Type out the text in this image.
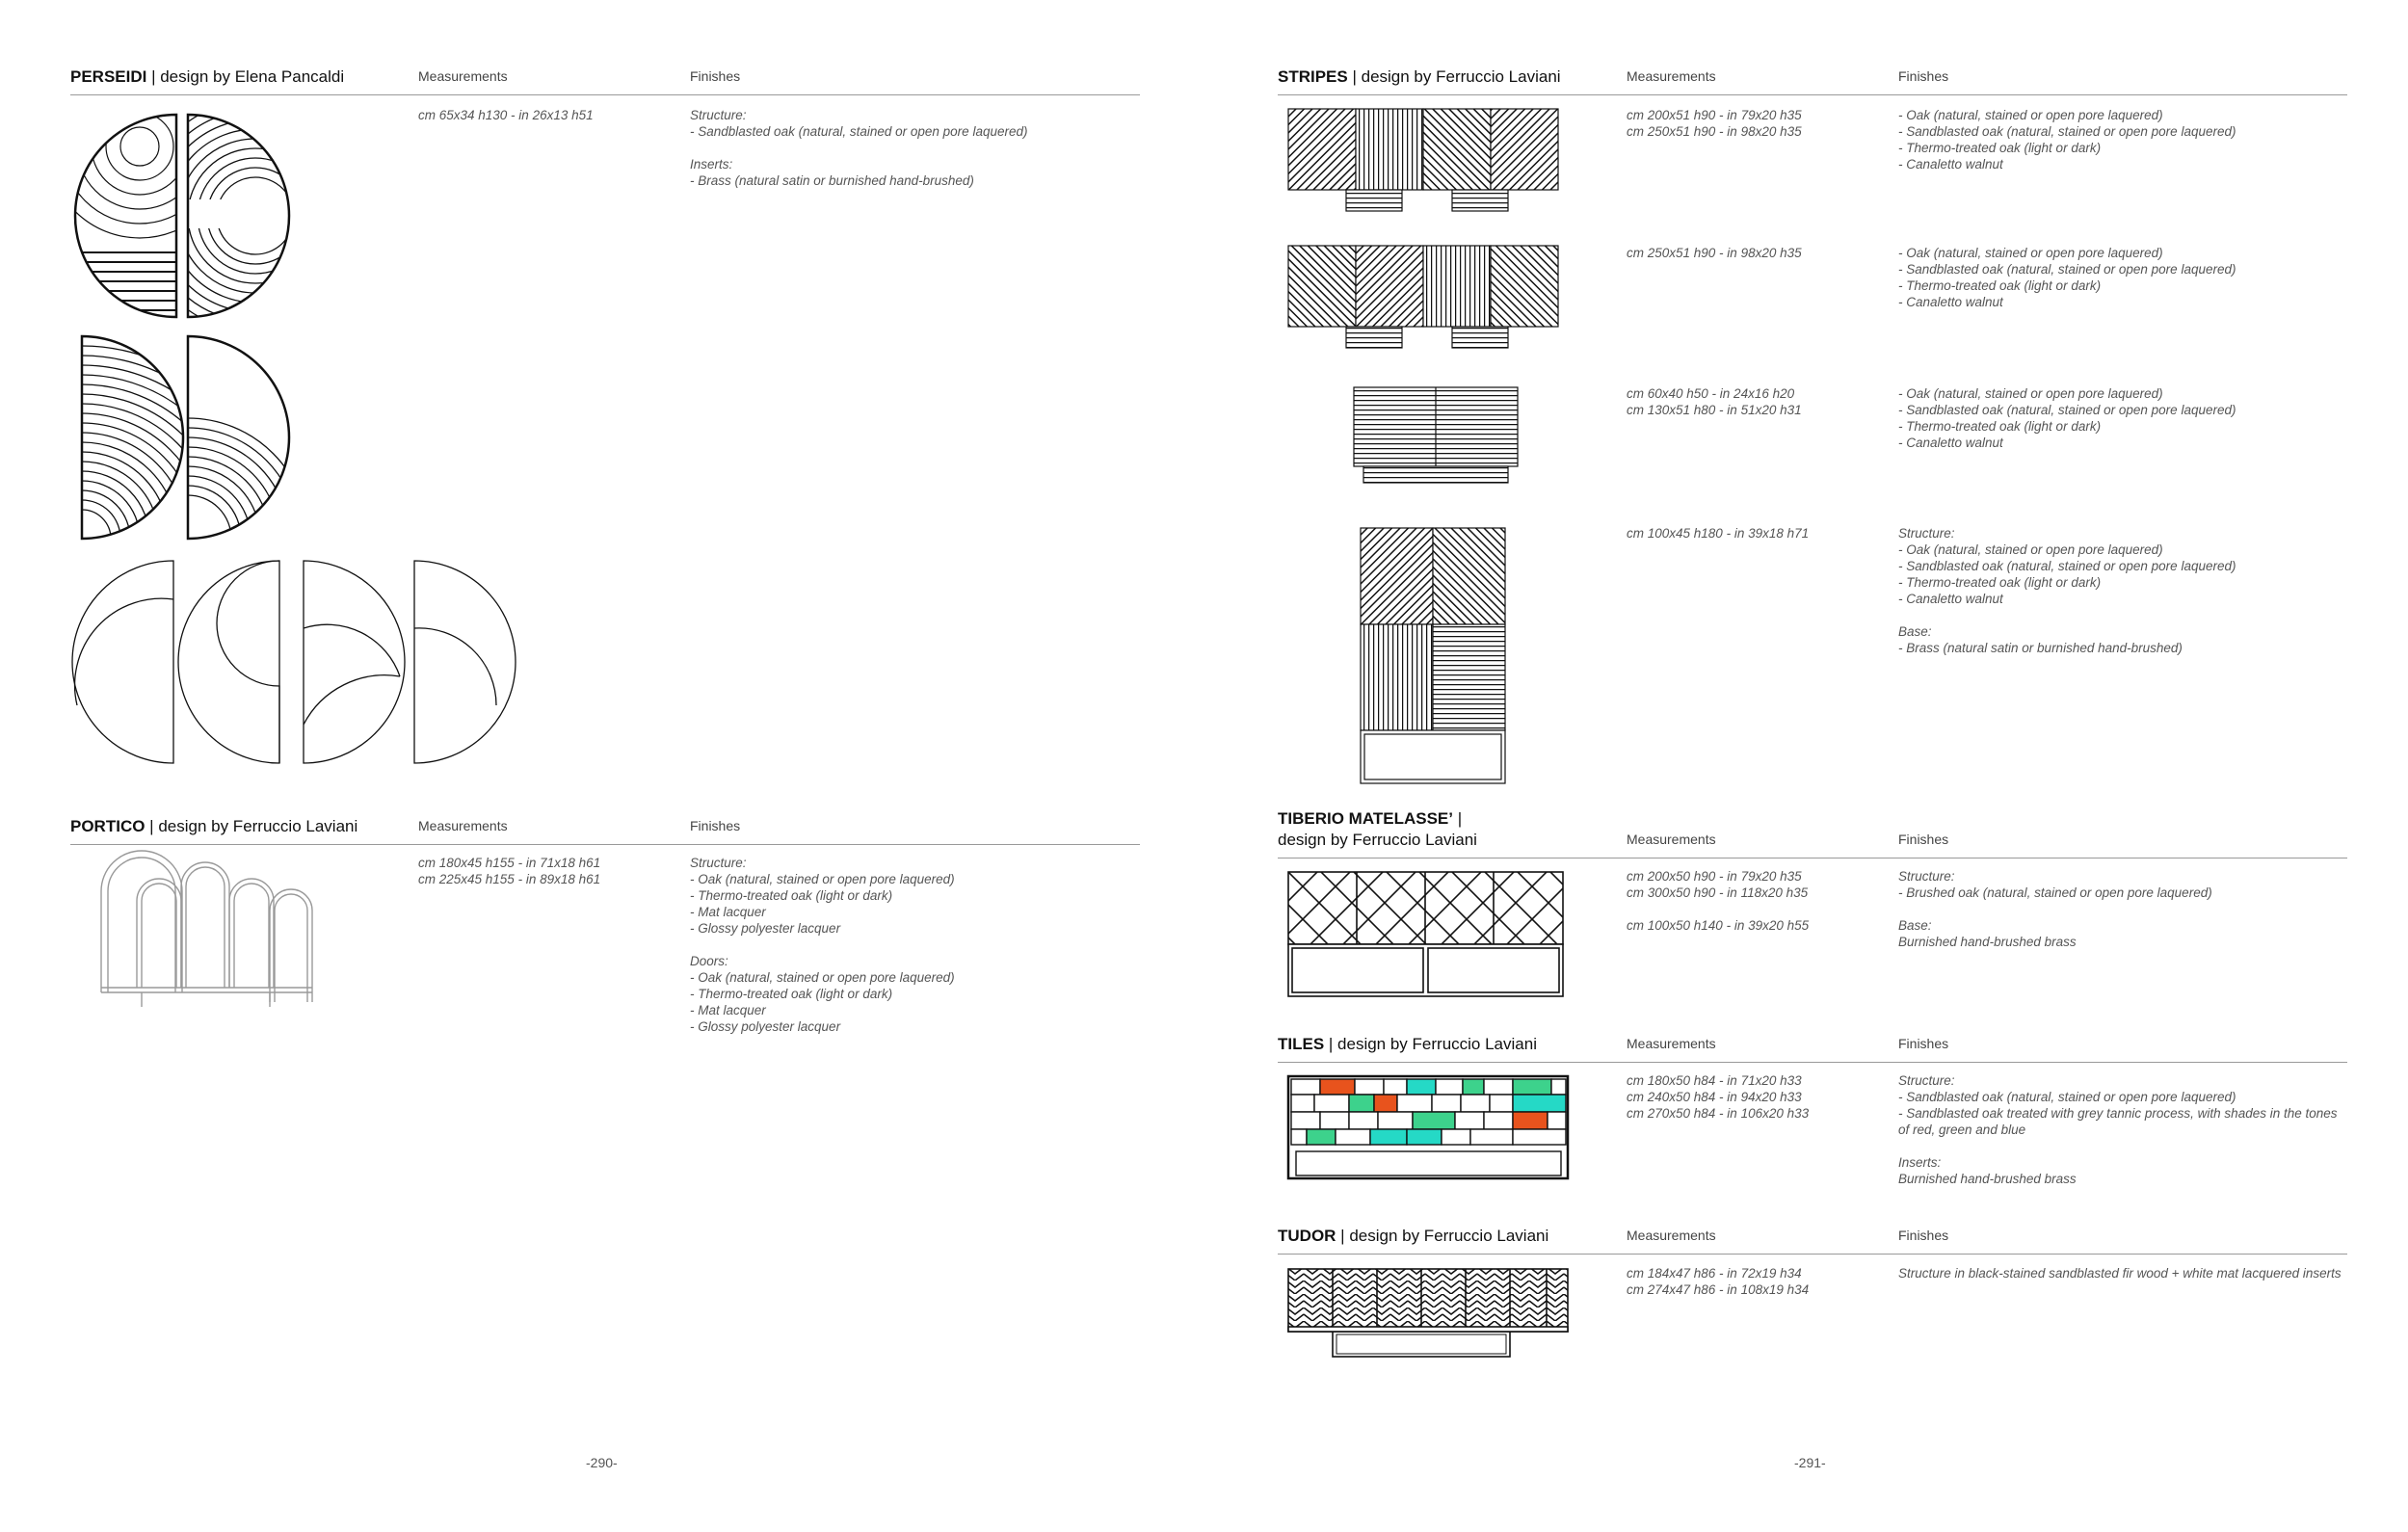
PERSEIDI | design by Elena Pancaldi	Measurements	Finishes
cm 65x34 h130 - in 26x13 h51	Structure:
- Sandblasted oak (natural, stained or open pore laquered)

Inserts:
- Brass (natural satin or burnished hand-brushed)
PORTICO | design by Ferruccio Laviani	Measurements	Finishes
cm 180x45 h155 - in 71x18 h61
cm 225x45 h155 - in 89x18 h61
Structure:
- Oak (natural, stained or open pore laquered)
- Thermo-treated oak (light or dark)
- Mat lacquer
- Glossy polyester lacquer

Doors:
- Oak (natural, stained or open pore laquered)
- Thermo-treated oak (light or dark)
- Mat lacquer
- Glossy polyester lacquer
-290-
STRIPES | design by Ferruccio Laviani	Measurements	Finishes
cm 200x51 h90 - in 79x20 h35
cm 250x51 h90 - in 98x20 h35
- Oak (natural, stained or open pore laquered)
- Sandblasted oak (natural, stained or open pore laquered)
- Thermo-treated oak (light or dark)
- Canaletto walnut
cm 250x51 h90 - in 98x20 h35	- Oak (natural, stained or open pore laquered)
- Sandblasted oak (natural, stained or open pore laquered)
- Thermo-treated oak (light or dark)
- Canaletto walnut
cm 60x40 h50 - in 24x16 h20
cm 130x51 h80 - in 51x20 h31
- Oak (natural, stained or open pore laquered)
- Sandblasted oak (natural, stained or open pore laquered)
- Thermo-treated oak (light or dark)
- Canaletto walnut
cm 100x45 h180 - in 39x18 h71	Structure:
- Oak (natural, stained or open pore laquered)
- Sandblasted oak (natural, stained or open pore laquered)
- Thermo-treated oak (light or dark)
- Canaletto walnut

Base:
- Brass (natural satin or burnished hand-brushed)
TIBERIO MATELASSE’ |
design by Ferruccio Laviani	Measurements	Finishes
cm 200x50 h90 - in 79x20 h35
cm 300x50 h90 - in 118x20 h35

cm 100x50 h140 - in 39x20 h55
Structure:
- Brushed oak (natural, stained or open pore laquered)

Base:
Burnished hand-brushed brass
TILES | design by Ferruccio Laviani	Measurements	Finishes
cm 180x50 h84 - in 71x20 h33
cm 240x50 h84 - in 94x20 h33
cm 270x50 h84 - in 106x20 h33
Structure:
- Sandblasted oak (natural, stained or open pore laquered)
- Sandblasted oak treated with grey tannic process, with shades in the tones
of red, green and blue

Inserts:
Burnished hand-brushed brass
TUDOR | design by Ferruccio Laviani	Measurements	Finishes
cm 184x47 h86 - in 72x19 h34
cm 274x47 h86 - in 108x19 h34
Structure in black-stained sandblasted fir wood + white mat lacquered inserts
-291-
